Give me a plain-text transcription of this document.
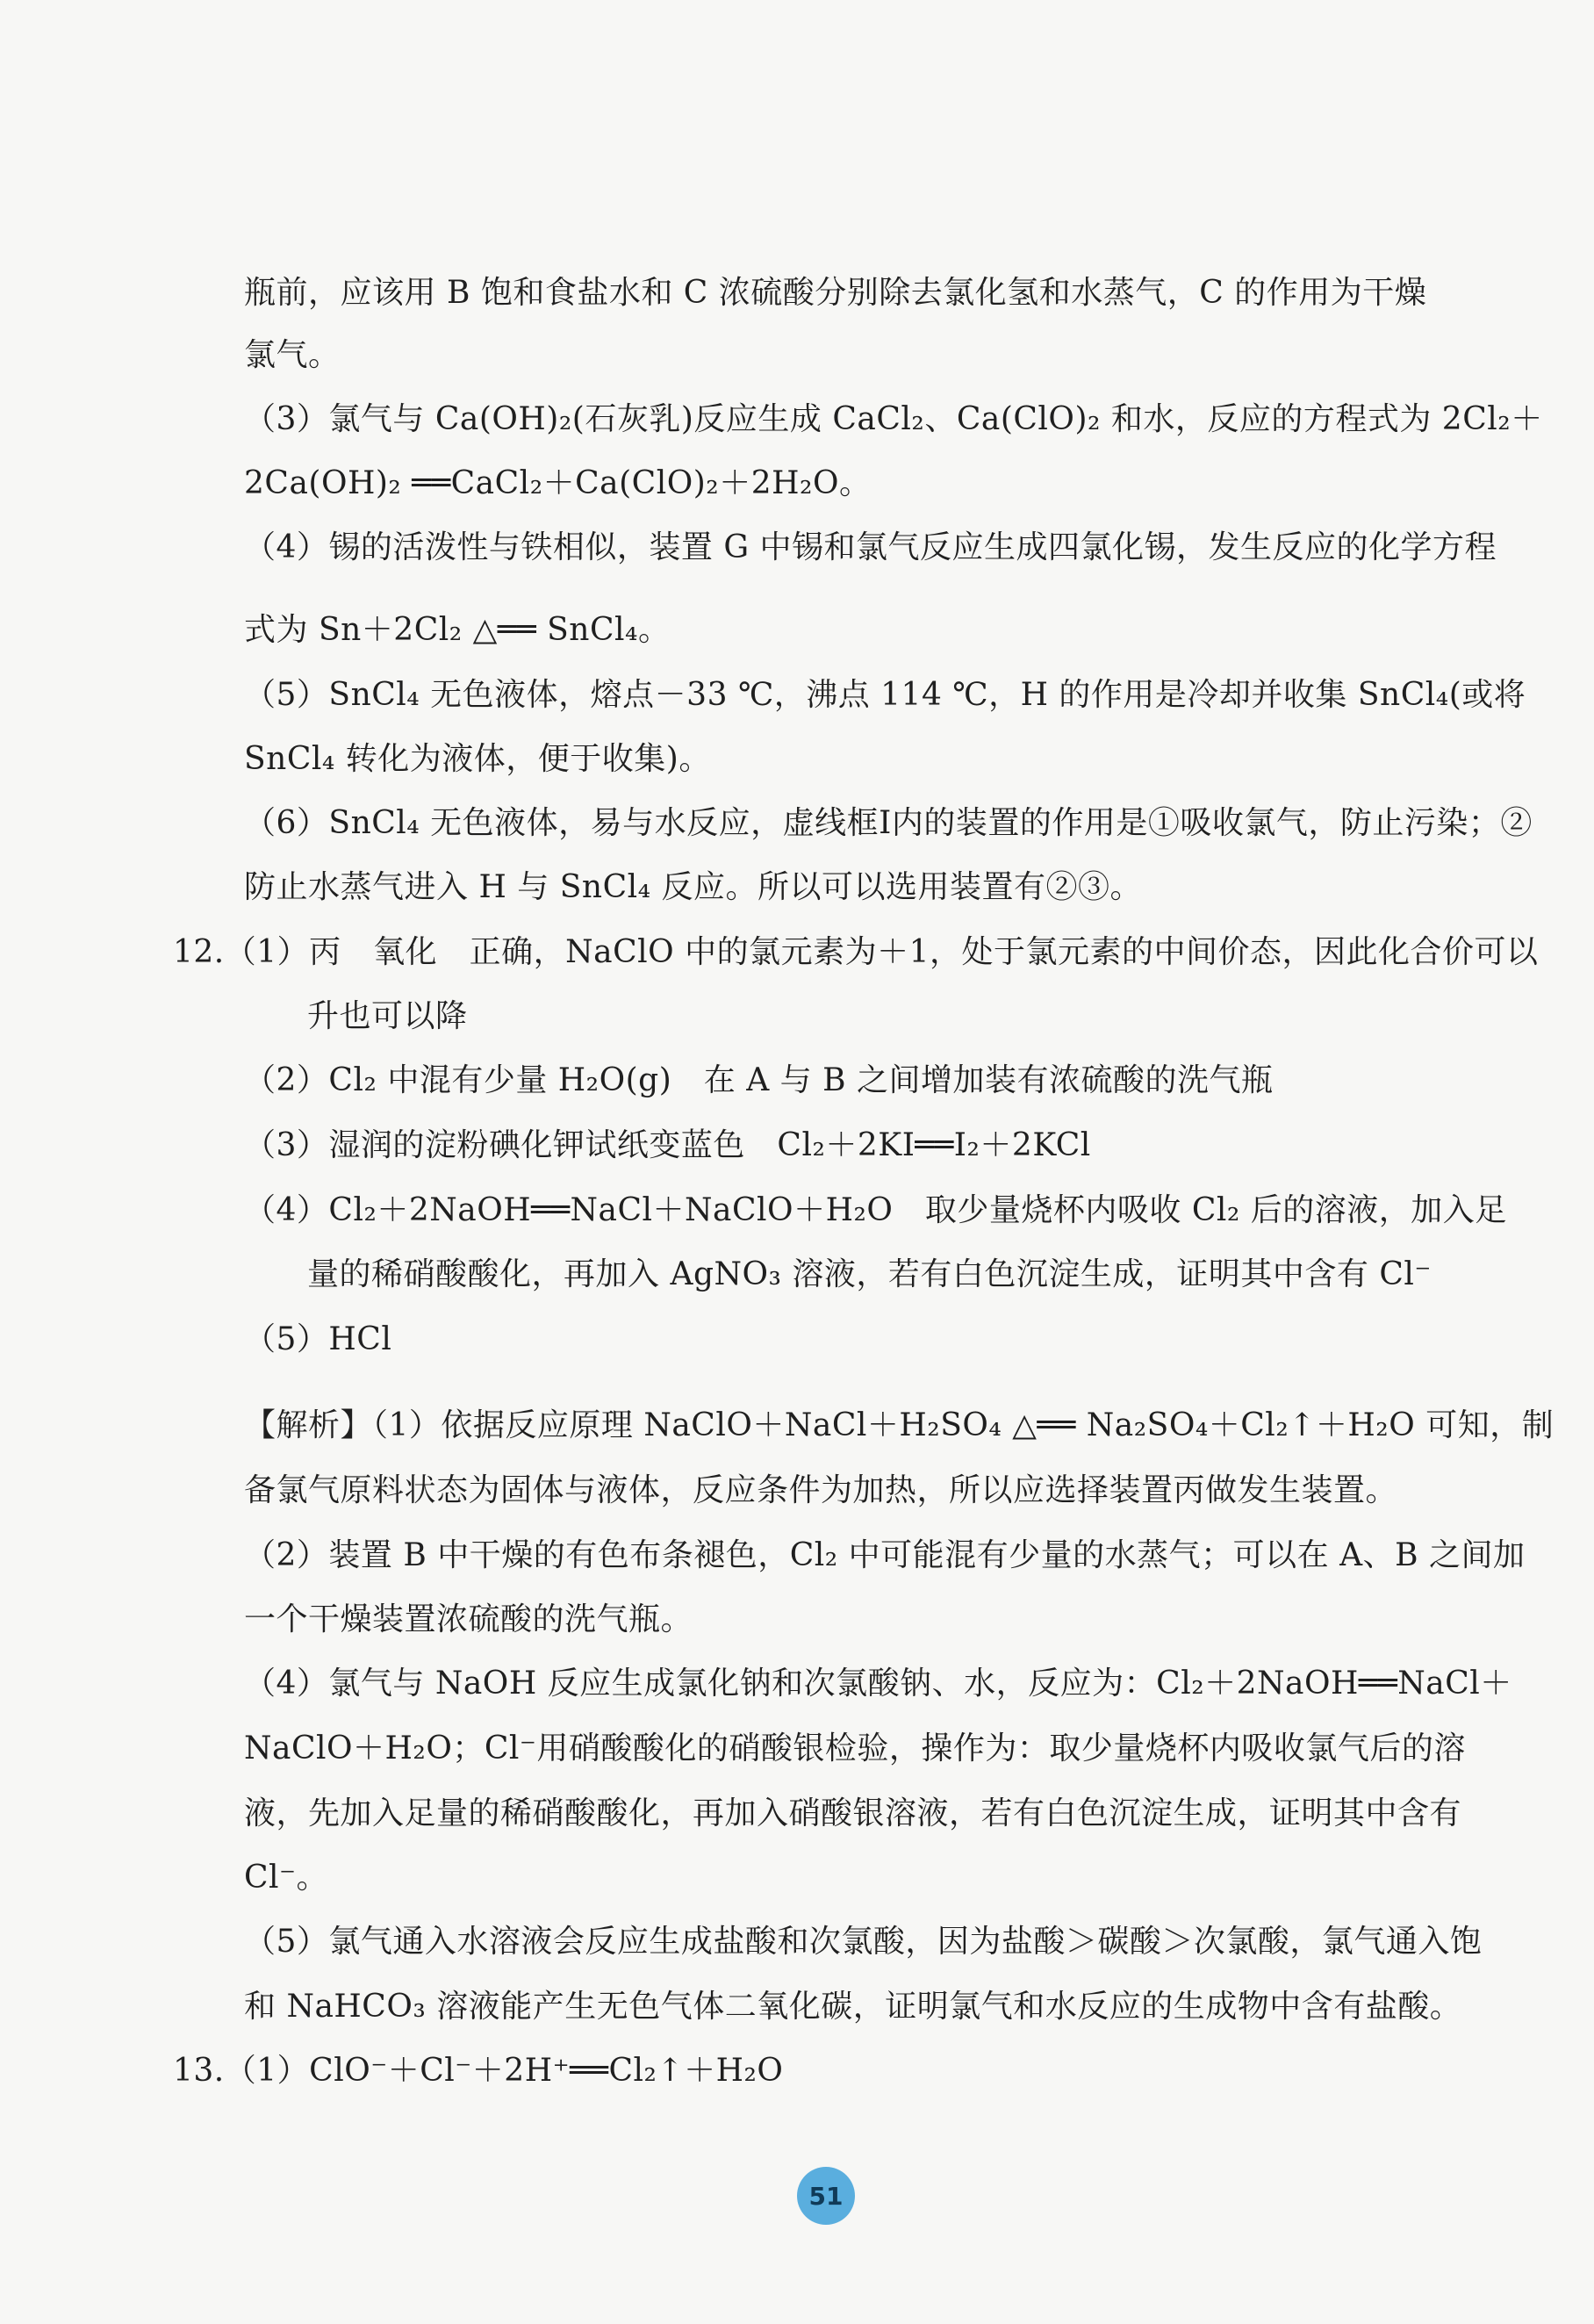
瓶前，应该用 B 饱和食盐水和 C 浓硫酸分别除去氯化氢和水蒸气，C 的作用为干燥
氯气。
（3）氯气与 Ca(OH)₂(石灰乳)反应生成 CaCl₂、Ca(ClO)₂ 和水，反应的方程式为 2Cl₂＋
2Ca(OH)₂ ══CaCl₂＋Ca(ClO)₂＋2H₂O。
（4）锡的活泼性与铁相似，装置 G 中锡和氯气反应生成四氯化锡，发生反应的化学方程
式为 Sn＋2Cl₂ △══ SnCl₄。
（5）SnCl₄ 无色液体，熔点－33 ℃，沸点 114 ℃，H 的作用是冷却并收集 SnCl₄(或将
SnCl₄ 转化为液体，便于收集)。
（6）SnCl₄ 无色液体，易与水反应，虚线框Ⅰ内的装置的作用是①吸收氯气，防止污染；②
防止水蒸气进入 H 与 SnCl₄ 反应。所以可以选用装置有②③。
12.（1）丙　氧化　正确，NaClO 中的氯元素为＋1，处于氯元素的中间价态，因此化合价可以
升也可以降
（2）Cl₂ 中混有少量 H₂O(g)　在 A 与 B 之间增加装有浓硫酸的洗气瓶
（3）湿润的淀粉碘化钾试纸变蓝色　Cl₂＋2KI══I₂＋2KCl
（4）Cl₂＋2NaOH══NaCl＋NaClO＋H₂O　取少量烧杯内吸收 Cl₂ 后的溶液，加入足
量的稀硝酸酸化，再加入 AgNO₃ 溶液，若有白色沉淀生成，证明其中含有 Cl⁻
（5）HCl
【解析】（1）依据反应原理 NaClO＋NaCl＋H₂SO₄ △══ Na₂SO₄＋Cl₂↑＋H₂O 可知，制
备氯气原料状态为固体与液体，反应条件为加热，所以应选择装置丙做发生装置。
（2）装置 B 中干燥的有色布条褪色，Cl₂ 中可能混有少量的水蒸气；可以在 A、B 之间加
一个干燥装置浓硫酸的洗气瓶。
（4）氯气与 NaOH 反应生成氯化钠和次氯酸钠、水，反应为：Cl₂＋2NaOH══NaCl＋
NaClO＋H₂O；Cl⁻用硝酸酸化的硝酸银检验，操作为：取少量烧杯内吸收氯气后的溶
液，先加入足量的稀硝酸酸化，再加入硝酸银溶液，若有白色沉淀生成，证明其中含有
Cl⁻。
（5）氯气通入水溶液会反应生成盐酸和次氯酸，因为盐酸＞碳酸＞次氯酸，氯气通入饱
和 NaHCO₃ 溶液能产生无色气体二氧化碳，证明氯气和水反应的生成物中含有盐酸。
13.（1）ClO⁻＋Cl⁻＋2H⁺══Cl₂↑＋H₂O
51
